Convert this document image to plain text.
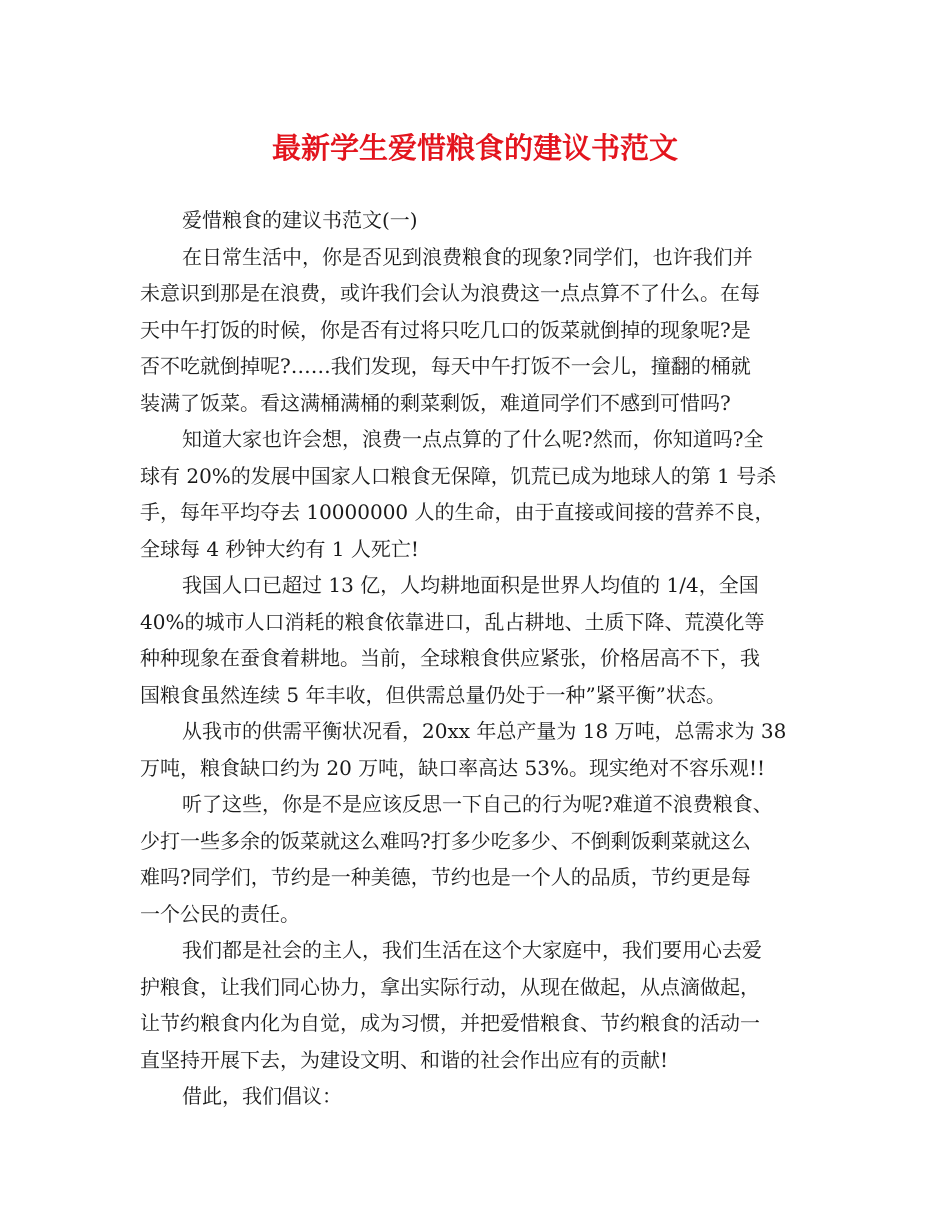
最新学生爱惜粮食的建议书范文
爱惜粮食的建议书范文(一)
在日常生活中，你是否见到浪费粮食的现象?同学们，也许我们并
未意识到那是在浪费，或许我们会认为浪费这一点点算不了什么。在每
天中午打饭的时候，你是否有过将只吃几口的饭菜就倒掉的现象呢?是
否不吃就倒掉呢?……我们发现，每天中午打饭不一会儿，撞翻的桶就
装满了饭菜。看这满桶满桶的剩菜剩饭，难道同学们不感到可惜吗?
知道大家也许会想，浪费一点点算的了什么呢?然而，你知道吗?全
球有 20%的发展中国家人口粮食无保障，饥荒已成为地球人的第 1 号杀
手，每年平均夺去 10000000 人的生命，由于直接或间接的营养不良，
全球每 4 秒钟大约有 1 人死亡!
我国人口已超过 13 亿，人均耕地面积是世界人均值的 1/4，全国
40%的城市人口消耗的粮食依靠进口，乱占耕地、土质下降、荒漠化等
种种现象在蚕食着耕地。当前，全球粮食供应紧张，价格居高不下，我
国粮食虽然连续 5 年丰收，但供需总量仍处于一种”紧平衡”状态。
从我市的供需平衡状况看，20xx 年总产量为 18 万吨，总需求为 38
万吨，粮食缺口约为 20 万吨，缺口率高达 53%。现实绝对不容乐观!!
听了这些，你是不是应该反思一下自己的行为呢?难道不浪费粮食、
少打一些多余的饭菜就这么难吗?打多少吃多少、不倒剩饭剩菜就这么
难吗?同学们，节约是一种美德，节约也是一个人的品质，节约更是每
一个公民的责任。
我们都是社会的主人，我们生活在这个大家庭中，我们要用心去爱
护粮食，让我们同心协力，拿出实际行动，从现在做起，从点滴做起，
让节约粮食内化为自觉，成为习惯，并把爱惜粮食、节约粮食的活动一
直坚持开展下去，为建设文明、和谐的社会作出应有的贡献!
借此，我们倡议：
